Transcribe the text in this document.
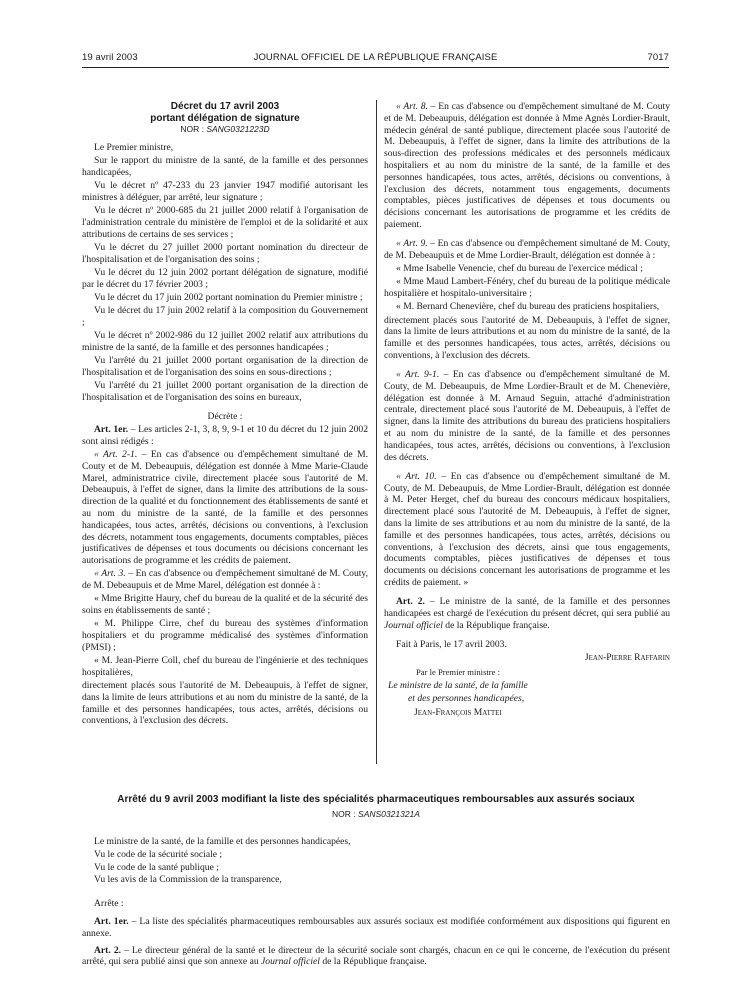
19 avril 2003	JOURNAL OFFICIEL DE LA RÉPUBLIQUE FRANÇAISE	7017

Décret du 17 avril 2003

portant délégation de signature

NOR : SANG0321223D

Le Premier ministre,

Sur le rapport du ministre de la santé, de la famille et des personnes handicapées,

Vu le décret nº 47-233 du 23 janvier 1947 modifié autorisant les ministres à déléguer, par arrêté, leur signature ;

Vu le décret nº 2000-685 du 21 juillet 2000 relatif à l'organisation de l'administration centrale du ministère de l'emploi et de la solidarité et aux attributions de certains de ses services ;

Vu le décret du 27 juillet 2000 portant nomination du directeur de l'hospitalisation et de l'organisation des soins ;

Vu le décret du 12 juin 2002 portant délégation de signature, modifié par le décret du 17 février 2003 ;

Vu le décret du 17 juin 2002 portant nomination du Premier ministre ;

Vu le décret du 17 juin 2002 relatif à la composition du Gouvernement ;

Vu le décret nº 2002-986 du 12 juillet 2002 relatif aux attributions du ministre de la santé, de la famille et des personnes handicapées ;

Vu l'arrêté du 21 juillet 2000 portant organisation de la direction de l'hospitalisation et de l'organisation des soins en sous-directions ;

Vu l'arrêté du 21 juillet 2000 portant organisation de la direction de l'hospitalisation et de l'organisation des soins en bureaux,

Décrète :

Art. 1er. – Les articles 2-1, 3, 8, 9, 9-1 et 10 du décret du 12 juin 2002 sont ainsi rédigés :

« Art. 2-1. – En cas d'absence ou d'empêchement simultané de M. Couty et de M. Debeaupuis, délégation est donnée à Mme Marie-Claude Marel, administratrice civile, directement placée sous l'autorité de M. Debeaupuis, à l'effet de signer, dans la limite des attributions de la sous-direction de la qualité et du fonctionnement des établissements de santé et au nom du ministre de la santé, de la famille et des personnes handicapées, tous actes, arrêtés, décisions ou conventions, à l'exclusion des décrets, notamment tous engagements, documents comptables, pièces justificatives de dépenses et tous documents ou décisions concernant les autorisations de programme et les crédits de paiement.

« Art. 3. – En cas d'absence ou d'empêchement simultané de M. Couty, de M. Debeaupuis et de Mme Marel, délégation est donnée à :

« Mme Brigitte Haury, chef du bureau de la qualité et de la sécurité des soins en établissements de santé ;

« M. Philippe Cirre, chef du bureau des systèmes d'information hospitaliers et du programme médicalisé des systèmes d'information (PMSI) ;

« M. Jean-Pierre Coll, chef du bureau de l'ingénierie et des techniques hospitalières,

directement placés sous l'autorité de M. Debeaupuis, à l'effet de signer, dans la limite de leurs attributions et au nom du ministre de la santé, de la famille et des personnes handicapées, tous actes, arrêtés, décisions ou conventions, à l'exclusion des décrets.

« Art. 8. – En cas d'absence ou d'empêchement simultané de M. Couty et de M. Debeaupuis, délégation est donnée à Mme Agnès Lordier-Brault, médecin général de santé publique, directement placée sous l'autorité de M. Debeaupuis, à l'effet de signer, dans la limite des attributions de la sous-direction des professions médicales et des personnels médicaux hospitaliers et au nom du ministre de la santé, de la famille et des personnes handicapées, tous actes, arrêtés, décisions ou conventions, à l'exclusion des décrets, notamment tous engagements, documents comptables, pièces justificatives de dépenses et tous documents ou décisions concernant les autorisations de programme et les crédits de paiement.

« Art. 9. – En cas d'absence ou d'empêchement simultané de M. Couty, de M. Debeaupuis et de Mme Lordier-Brault, délégation est donnée à :

« Mme Isabelle Venencie, chef du bureau de l'exercice médical ;

« Mme Maud Lambert-Fénéry, chef du bureau de la politique médicale hospitalière et hospitalo-universitaire ;

« M. Bernard Chenevière, chef du bureau des praticiens hospitaliers,

directement placés sous l'autorité de M. Debeaupuis, à l'effet de signer, dans la limite de leurs attributions et au nom du ministre de la santé, de la famille et des personnes handicapées, tous actes, arrêtés, décisions ou conventions, à l'exclusion des décrets.

« Art. 9-1. – En cas d'absence ou d'empêchement simultané de M. Couty, de M. Debeaupuis, de Mme Lordier-Brault et de M. Chenevière, délégation est donnée à M. Arnaud Seguin, attaché d'administration centrale, directement placé sous l'autorité de M. Debeaupuis, à l'effet de signer, dans la limite des attributions du bureau des praticiens hospitaliers et au nom du ministre de la santé, de la famille et des personnes handicapées, tous actes, arrêtés, décisions ou conventions, à l'exclusion des décrets.

« Art. 10. – En cas d'absence ou d'empêchement simultané de M. Couty, de M. Debeaupuis, de Mme Lordier-Brault, délégation est donnée à M. Peter Herget, chef du bureau des concours médicaux hospitaliers, directement placé sous l'autorité de M. Debeaupuis, à l'effet de signer, dans la limite de ses attributions et au nom du ministre de la santé, de la famille et des personnes handicapées, tous actes, arrêtés, décisions ou conventions, à l'exclusion des décrets, ainsi que tous engagements, documents comptables, pièces justificatives de dépenses et tous documents ou décisions concernant les autorisations de programme et les crédits de paiement. »

Art. 2. – Le ministre de la santé, de la famille et des personnes handicapées est chargé de l'exécution du présent décret, qui sera publié au Journal officiel de la République française.

Fait à Paris, le 17 avril 2003.

Jean-Pierre Raffarin

Par le Premier ministre :

Le ministre de la santé, de la famille

et des personnes handicapées,

Jean-François Mattei

Arrêté du 9 avril 2003 modifiant la liste des spécialités pharmaceutiques remboursables aux assurés sociaux
NOR : SANS0321321A

Le ministre de la santé, de la famille et des personnes handicapées,

Vu le code de la sécurité sociale ;

Vu le code de la santé publique ;

Vu les avis de la Commission de la transparence,

Arrête :

Art. 1er. – La liste des spécialités pharmaceutiques remboursables aux assurés sociaux est modifiée conformément aux dispositions qui figurent en annexe.

Art. 2. – Le directeur général de la santé et le directeur de la sécurité sociale sont chargés, chacun en ce qui le concerne, de l'exécution du présent arrêté, qui sera publié ainsi que son annexe au Journal officiel de la République française.
